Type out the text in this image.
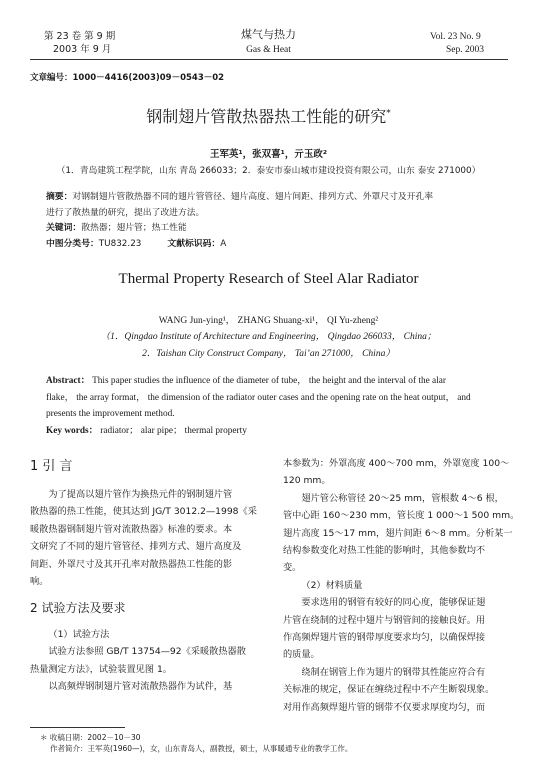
第 23 卷 第 9 期
2003 年 9 月
煤气与热力
Gas & Heat
Vol. 23 No. 9
Sep. 2003
文章编号：1000－4416(2003)09－0543－02
钢制翅片管散热器热工性能的研究*
王军英¹，张双喜¹，亓玉政²
（1．青岛建筑工程学院，山东 青岛 266033；2．泰安市泰山城市建设投资有限公司，山东 泰安 271000）
摘要：对钢制翅片管散热器不同的翅片管管径、翅片高度、翅片间距、排列方式、外罩尺寸及开孔率
进行了散热量的研究，提出了改进方法。
关键词：散热器；翅片管；热工性能
中图分类号：TU832.23	文献标识码：A
Thermal Property Research of Steel Alar Radiator
WANG Jun-ying¹， ZHANG Shuang-xi¹， QI Yu-zheng²
（1．Qingdao Institute of Architecture and Engineering， Qingdao 266033， China；
2．Taishan City Construct Company， Tai’an 271000， China）
Abstract： This paper studies the influence of the diameter of tube， the height and the interval of the alar
flake， the array format， the dimension of the radiator outer cases and the opening rate on the heat output， and
presents the improvement method.
Key words： radiator； alar pipe； thermal property
1 引 言
为了提高以翅片管作为换热元件的钢制翅片管
散热器的热工性能，使其达到 JG/T 3012.2—1998《采
暖散热器钢制翅片管对流散热器》标准的要求。本
文研究了不同的翅片管管径、排列方式、翅片高度及
间距、外罩尺寸及其开孔率对散热器热工性能的影
响。
2 试验方法及要求
（1）试验方法
试验方法参照 GB/T 13754—92《采暖散热器散
热量测定方法》，试验装置见图 1。
以高频焊钢制翅片管对流散热器作为试件，基
本参数为：外罩高度 400～700 mm，外罩宽度 100～
120 mm。
翅片管公称管径 20～25 mm，管根数 4～6 根，
管中心距 160～230 mm，管长度 1 000～1 500 mm。
翅片高度 15～17 mm，翅片间距 6～8 mm。分析某一
结构参数变化对热工性能的影响时，其他参数均不
变。
（2）材料质量
要求选用的钢管有较好的同心度，能够保证翅
片管在绕制的过程中翅片与钢管间的接触良好。用
作高频焊翅片管的钢带厚度要求均匀，以确保焊接
的质量。
绕制在钢管上作为翅片的钢带其性能应符合有
关标准的规定，保证在缠绕过程中不产生断裂现象。
对用作高频焊翅片管的钢带不仅要求厚度均匀，而
＊ 收稿日期：2002－10－30
作者简介：王军英(1960—)，女，山东青岛人，副教授，硕士，从事暖通专业的教学工作。
